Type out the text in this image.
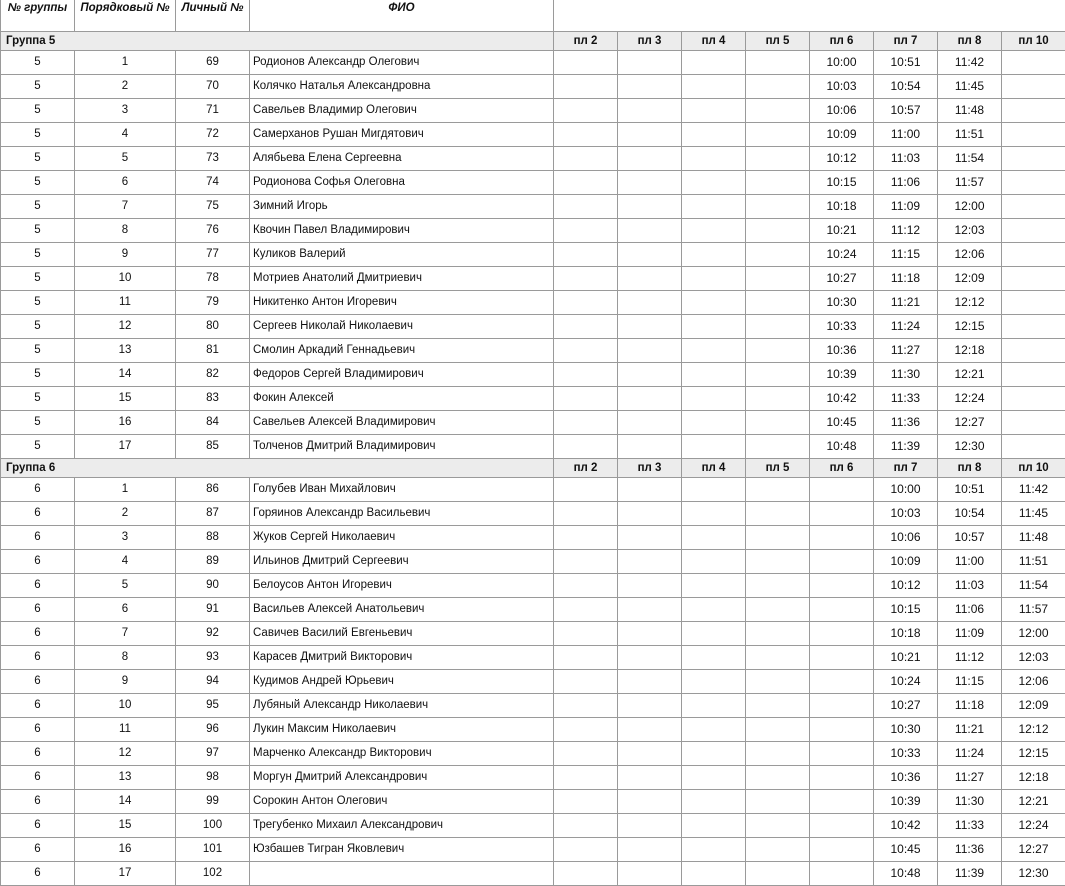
№ группы	Порядковый №	Личный №	ФИО								
Группа 5				пл 2	пл 3	пл 4	пл 5	пл 6	пл 7	пл 8	пл 10
5	1	69	Родионов Александр Олегович					10:00	10:51	11:42	
5	2	70	Колячко Наталья Александровна					10:03	10:54	11:45	
5	3	71	Савельев Владимир Олегович					10:06	10:57	11:48	
5	4	72	Самерханов Рушан Мигдятович					10:09	11:00	11:51	
5	5	73	Алябьева Елена Сергеевна					10:12	11:03	11:54	
5	6	74	Родионова Софья Олеговна					10:15	11:06	11:57	
5	7	75	Зимний Игорь					10:18	11:09	12:00	
5	8	76	Квочин Павел Владимирович					10:21	11:12	12:03	
5	9	77	Куликов Валерий					10:24	11:15	12:06	
5	10	78	Мотриев Анатолий Дмитриевич					10:27	11:18	12:09	
5	11	79	Никитенко Антон Игоревич					10:30	11:21	12:12	
5	12	80	Сергеев Николай Николаевич					10:33	11:24	12:15	
5	13	81	Смолин Аркадий Геннадьевич					10:36	11:27	12:18	
5	14	82	Федоров Сергей Владимирович					10:39	11:30	12:21	
5	15	83	Фокин Алексей					10:42	11:33	12:24	
5	16	84	Савельев Алексей Владимирович					10:45	11:36	12:27	
5	17	85	Толченов Дмитрий Владимирович					10:48	11:39	12:30	
Группа 6				пл 2	пл 3	пл 4	пл 5	пл 6	пл 7	пл 8	пл 10
6	1	86	Голубев Иван Михайлович						10:00	10:51	11:42
6	2	87	Горяинов Александр Васильевич						10:03	10:54	11:45
6	3	88	Жуков Сергей Николаевич						10:06	10:57	11:48
6	4	89	Ильинов Дмитрий Сергеевич						10:09	11:00	11:51
6	5	90	Белоусов Антон Игоревич						10:12	11:03	11:54
6	6	91	Васильев Алексей Анатольевич						10:15	11:06	11:57
6	7	92	Савичев Василий Евгеньевич						10:18	11:09	12:00
6	8	93	Карасев Дмитрий Викторович						10:21	11:12	12:03
6	9	94	Кудимов Андрей Юрьевич						10:24	11:15	12:06
6	10	95	Лубяный Александр Николаевич						10:27	11:18	12:09
6	11	96	Лукин Максим Николаевич						10:30	11:21	12:12
6	12	97	Марченко Александр Викторович						10:33	11:24	12:15
6	13	98	Моргун Дмитрий Александрович						10:36	11:27	12:18
6	14	99	Сорокин Антон Олегович						10:39	11:30	12:21
6	15	100	Трегубенко Михаил Александрович						10:42	11:33	12:24
6	16	101	Юзбашев Тигран Яковлевич						10:45	11:36	12:27
6	17	102							10:48	11:39	12:30
